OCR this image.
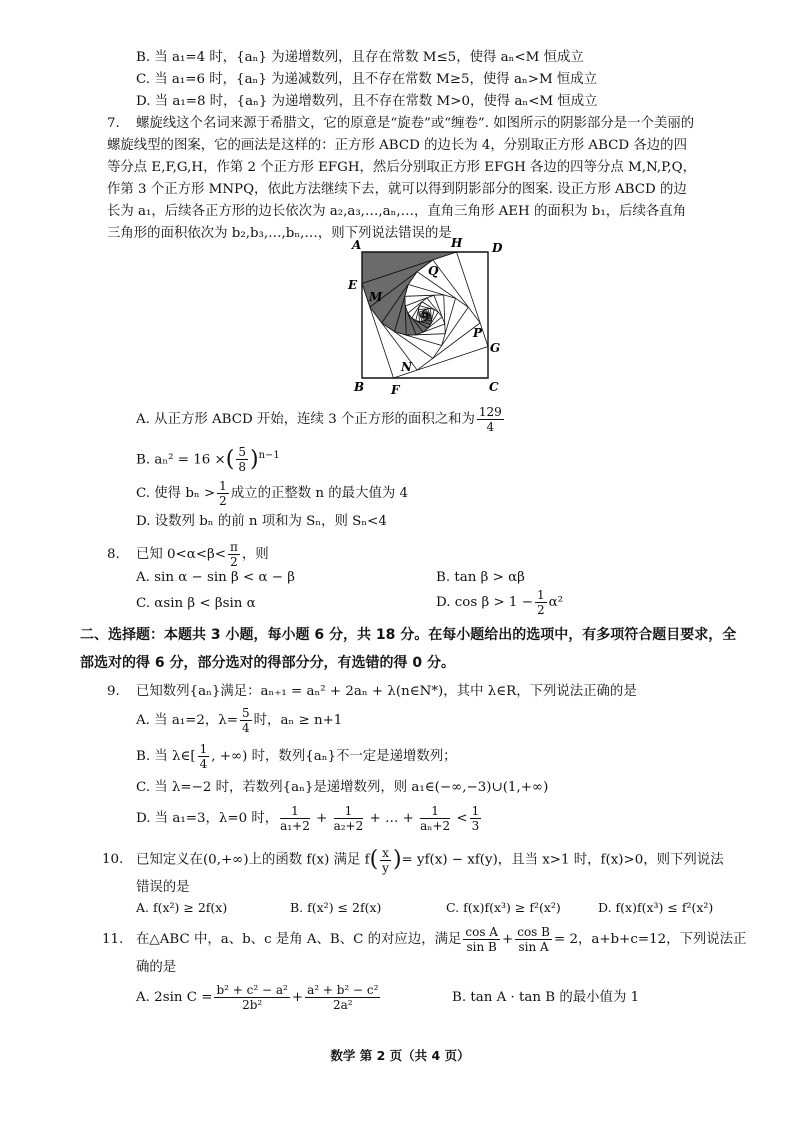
B. 当 a₁=4 时，{aₙ} 为递增数列，且存在常数 M≤5，使得 aₙ<M 恒成立
C. 当 a₁=6 时，{aₙ} 为递减数列，且不存在常数 M≥5，使得 aₙ>M 恒成立
D. 当 a₁=8 时，{aₙ} 为递增数列，且不存在常数 M>0，使得 aₙ<M 恒成立
7. 螺旋线这个名词来源于希腊文，它的原意是“旋卷”或“缠卷”. 如图所示的阴影部分是一个美丽的
螺旋线型的图案，它的画法是这样的：正方形 ABCD 的边长为 4，分别取正方形 ABCD 各边的四
等分点 E,F,G,H，作第 2 个正方形 EFGH，然后分别取正方形 EFGH 各边的四等分点 M,N,P,Q，
作第 3 个正方形 MNPQ，依此方法继续下去，就可以得到阴影部分的图案. 设正方形 ABCD 的边
长为 a₁，后续各正方形的边长依次为 a₂,a₃,…,aₙ,…，直角三角形 AEH 的面积为 b₁，后续各直角
三角形的面积依次为 b₂,b₃,…,bₙ,…，则下列说法错误的是
A	H D
E
Q
M
P
G
N
B F	C
A. 从正方形 ABCD 开始，连续 3 个正方形的面积之和为 $\frac{129}{4}$
B. aₙ² = 16 ×( $\frac{5}{8} )^{n-1}$
C. 使得 $b_n > \frac{1}{2}$ 成立的正整数 n 的最大值为 4
D. 设数列 bₙ 的前 n 项和为 Sₙ，则 Sₙ<4
8. 已知 $0<\alpha<\beta< \frac{\pi}{2}$ ，则
A. sin α − sin β < α − β	B. tan β > αβ
C. αsin β < βsin α	D. $\cos \beta > 1 - \frac{1}{2} \alpha^2$
二、选择题：本题共 3 小题，每小题 6 分，共 18 分。在每小题给出的选项中，有多项符合题目要求，全
部选对的得 6 分，部分选对的得部分分，有选错的得 0 分。
9. 已知数列{aₙ}满足：aₙ₊₁ = aₙ² + 2aₙ + λ(n∈N*)，其中 λ∈R，下列说法正确的是
A. 当 a₁=2，$\lambda= \frac{5}{4}$ 时，aₙ ≥ n+1
B. 当 λ∈[ $\frac{1}{4}$ , +∞) 时，数列{aₙ}不一定是递增数列；
C. 当 λ=−2 时，若数列{aₙ}是递增数列，则 a₁∈(−∞,−3)∪(1,+∞)
D. 当 a₁=3，λ=0 时， $\frac{1}{\text{a₁+2}} + \frac{1}{\text{a₂+2}}$ + … + $\frac{1}{\text{aₙ+2}} < \frac{1}{3}$
10. 已知定义在(0,+∞)上的函数 f(x) 满足 $f( \frac{x}{y}$ )= yf(x) − xf(y)，且当 x>1 时，f(x)>0，则下列说法
错误的是
A. f(x²) ≥ 2f(x)	B. f(x²) ≤ 2f(x)	C. f(x)f(x³) ≥ f²(x²)	D. f(x)f(x³) ≤ f²(x²)
11. 在△ABC 中，a、b、c 是角 A、B、C 的对应边，满足 $\frac{\text{cos A}}{\text{sin B}} + \frac{\text{cos B}}{\text{sin A}} = 2$，a+b+c=12，下列说法正
确的是
A. 2sin $C = \frac{\text{b² + c² − a²}}{\text{2b²}} + \frac{\text{a² + b² − c²}}{\text{2a²}}$	B. tan A · tan B 的最小值为 1
数学 第 2 页（共 4 页）
